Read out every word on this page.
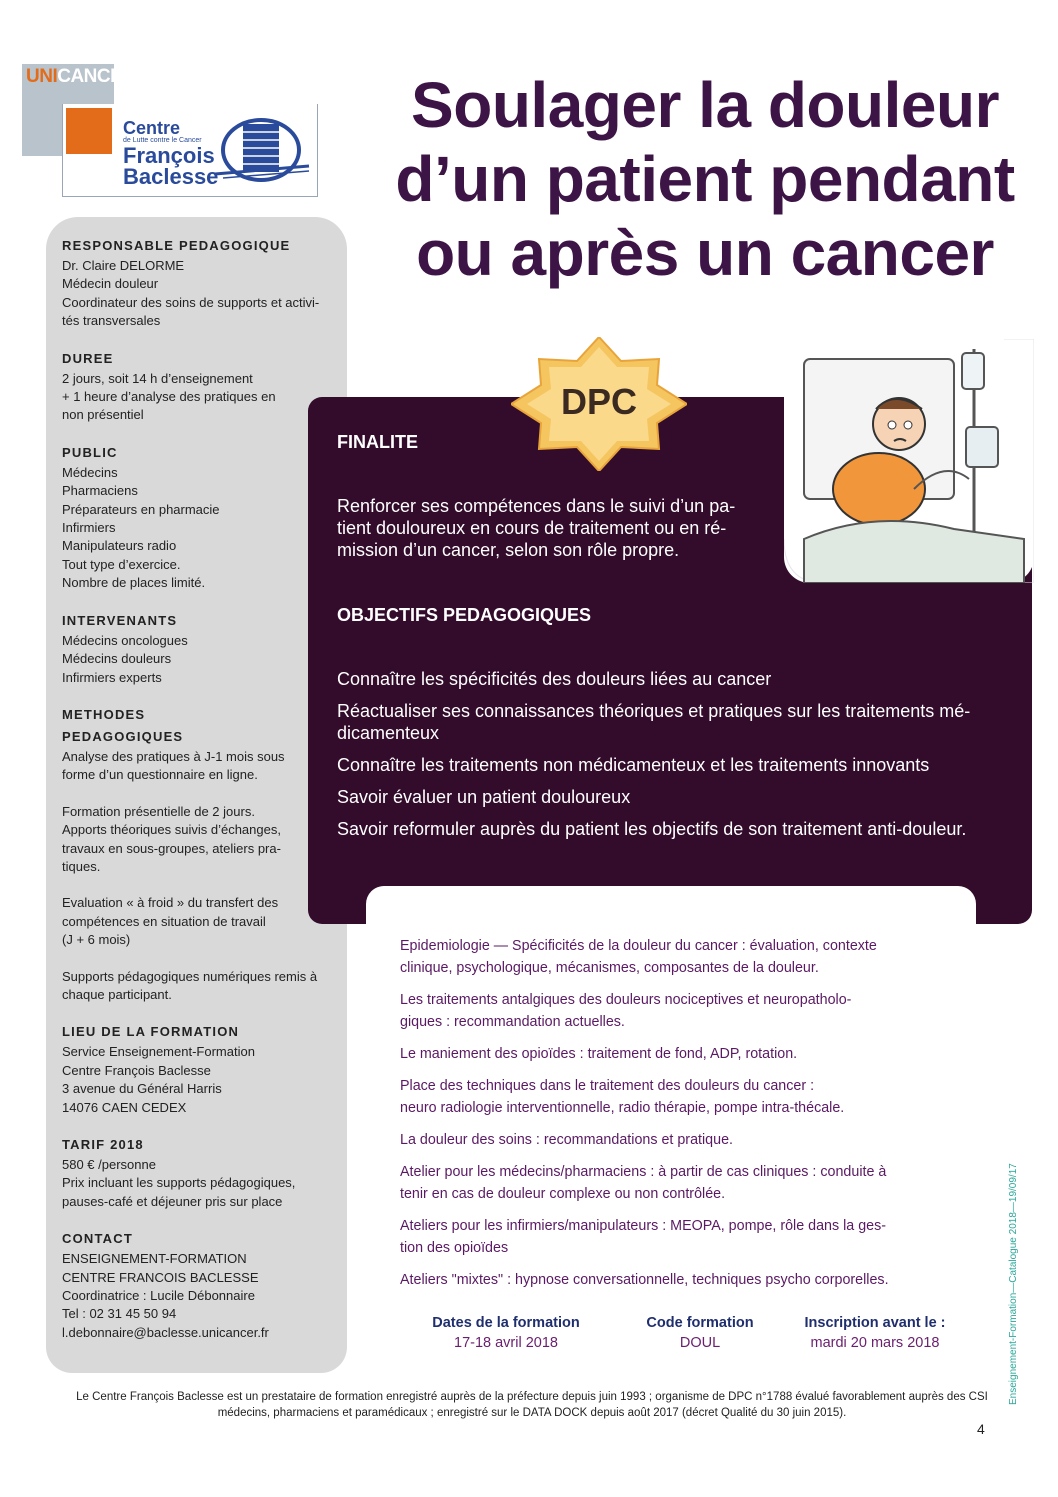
UNICANCER
Centre
de Lutte contre le Cancer
François
Baclesse
Soulager la douleur
d’un patient pendant
ou après un cancer
RESPONSABLE PEDAGOGIQUE
Dr. Claire DELORME
Médecin douleur
Coordinateur des soins de supports et activi-
tés transversales
DUREE
2 jours, soit 14 h d’enseignement
+ 1 heure d’analyse des pratiques en
non présentiel
PUBLIC
Médecins
Pharmaciens
Préparateurs en pharmacie
Infirmiers
Manipulateurs radio
Tout type d’exercice.
Nombre de places limité.
INTERVENANTS
Médecins oncologues
Médecins douleurs
Infirmiers experts
METHODES
PEDAGOGIQUES
Analyse des pratiques à J-1 mois sous
forme d’un questionnaire en ligne.
Formation présentielle de 2 jours.
Apports théoriques suivis d’échanges,
travaux en sous-groupes, ateliers pra-
tiques.
Evaluation « à froid » du transfert des
compétences en situation de travail
(J + 6 mois)
Supports pédagogiques numériques remis à
chaque participant.
LIEU DE LA FORMATION
Service Enseignement-Formation
Centre François Baclesse
3 avenue du Général Harris
14076 CAEN CEDEX
TARIF 2018
580 € /personne
Prix incluant les supports pédagogiques,
pauses-café et déjeuner pris sur place
CONTACT
ENSEIGNEMENT-FORMATION
CENTRE FRANCOIS BACLESSE
Coordinatrice : Lucile Débonnaire
Tel : 02 31 45 50 94
l.debonnaire@baclesse.unicancer.fr
FINALITE
Renforcer ses compétences dans le suivi d’un pa-
tient douloureux en cours de traitement ou en ré-
mission d’un cancer, selon son rôle propre.
OBJECTIFS PEDAGOGIQUES
Connaître les spécificités des douleurs liées au cancer
Réactualiser ses connaissances théoriques et pratiques sur les traitements mé-
dicamenteux
Connaître les traitements non médicamenteux et les traitements innovants
Savoir évaluer un patient douloureux
Savoir reformuler auprès du patient les objectifs de son traitement anti-douleur.
DPC
Epidemiologie — Spécificités de la douleur du cancer : évaluation, contexte
clinique, psychologique, mécanismes, composantes de la douleur.
Les traitements antalgiques des douleurs nociceptives et neuropatholo-
giques : recommandation actuelles.
Le maniement des opioïdes : traitement de fond, ADP, rotation.
Place des techniques dans le traitement des douleurs du cancer :
neuro radiologie interventionnelle, radio thérapie, pompe intra-thécale.
La douleur des soins : recommandations et pratique.
Atelier pour les médecins/pharmaciens : à partir de cas cliniques : conduite à
tenir en cas de douleur complexe ou non contrôlée.
Ateliers pour les infirmiers/manipulateurs : MEOPA, pompe, rôle dans la ges-
tion des opioïdes
Ateliers "mixtes" : hypnose conversationnelle, techniques psycho corporelles.
Dates de la formation
17-18 avril 2018
Code formation
DOUL
Inscription avant le :
mardi 20 mars 2018	Enseignement-Formation—Catalogue 2018—19/09/17
Le Centre François Baclesse est un prestataire de formation enregistré auprès de la préfecture depuis juin 1993 ; organisme de DPC n°1788 évalué favorablement auprès des CSI médecins, pharmaciens et paramédicaux ; enregistré sur le DATA DOCK depuis août 2017 (décret Qualité du 30 juin 2015).
4
